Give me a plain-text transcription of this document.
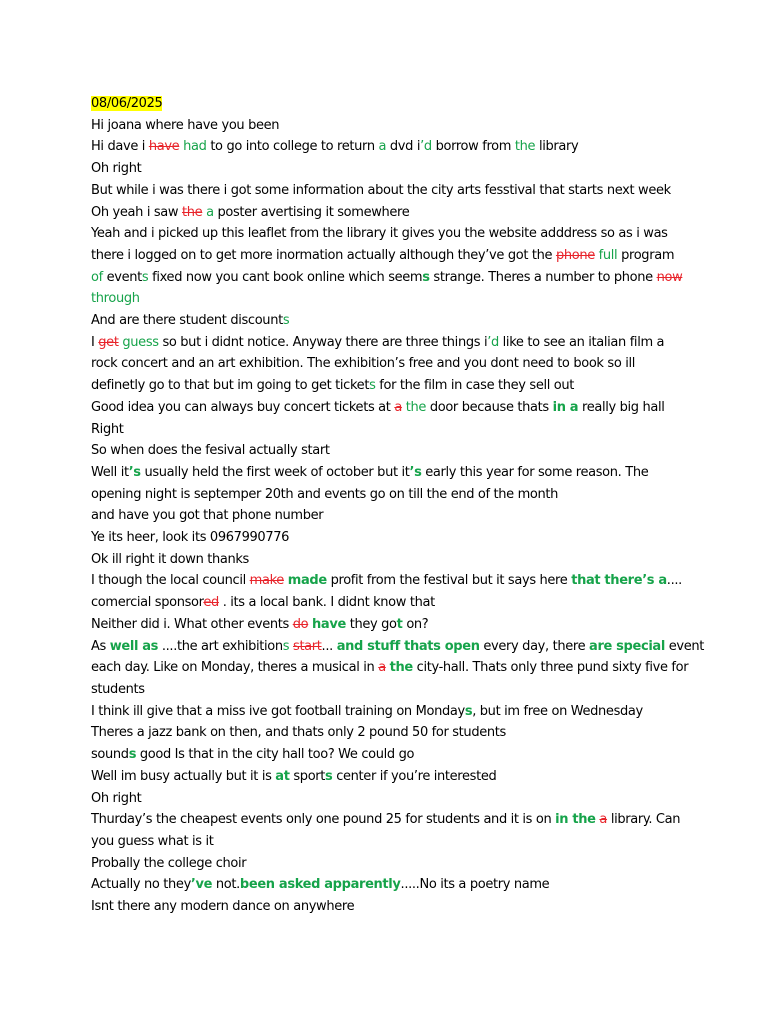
08/06/2025
Hi joana where have you been
Hi dave i have had to go into college to return a dvd i’d borrow from the library
Oh right
But while i was there i got some information about the city arts fesstival that starts next week
Oh yeah i saw the a poster avertising it somewhere
Yeah and i picked up this leaflet from the library it gives you the website adddress so as i was
there i logged on to get more inormation actually although they’ve got the phone full program
of events fixed now you cant book online which seems strange. Theres a number to phone now
through
And are there student discounts
I get guess so but i didnt notice. Anyway there are three things i’d like to see an italian film a
rock concert and an art exhibition. The exhibition’s free and you dont need to book so ill
definetly go to that but im going to get tickets for the film in case they sell out
Good idea you can always buy concert tickets at a the door because thats in a really big hall
Right
So when does the fesival actually start
Well it’s usually held the first week of october but it’s early this year for some reason. The
opening night is septemper 20th and events go on till the end of the month
and have you got that phone number
Ye its heer, look its 0967990776
Ok ill right it down thanks
I though the local council make made profit from the festival but it says here that there’s a....
comercial sponsored . its a local bank. I didnt know that
Neither did i. What other events do have they got on?
As well as ....the art exhibitions start... and stuff thats open every day, there are special event
each day. Like on Monday, theres a musical in a the city-hall. Thats only three pund sixty five for
students
I think ill give that a miss ive got football training on Mondays, but im free on Wednesday
Theres a jazz bank on then, and thats only 2 pound 50 for students
sounds good Is that in the city hall too? We could go
Well im busy actually but it is at sports center if you’re interested
Oh right
Thurday’s the cheapest events only one pound 25 for students and it is on in the a library. Can
you guess what is it
Probally the college choir
Actually no they’ve not.been asked apparently.....No its a poetry name
Isnt there any modern dance on anywhere
